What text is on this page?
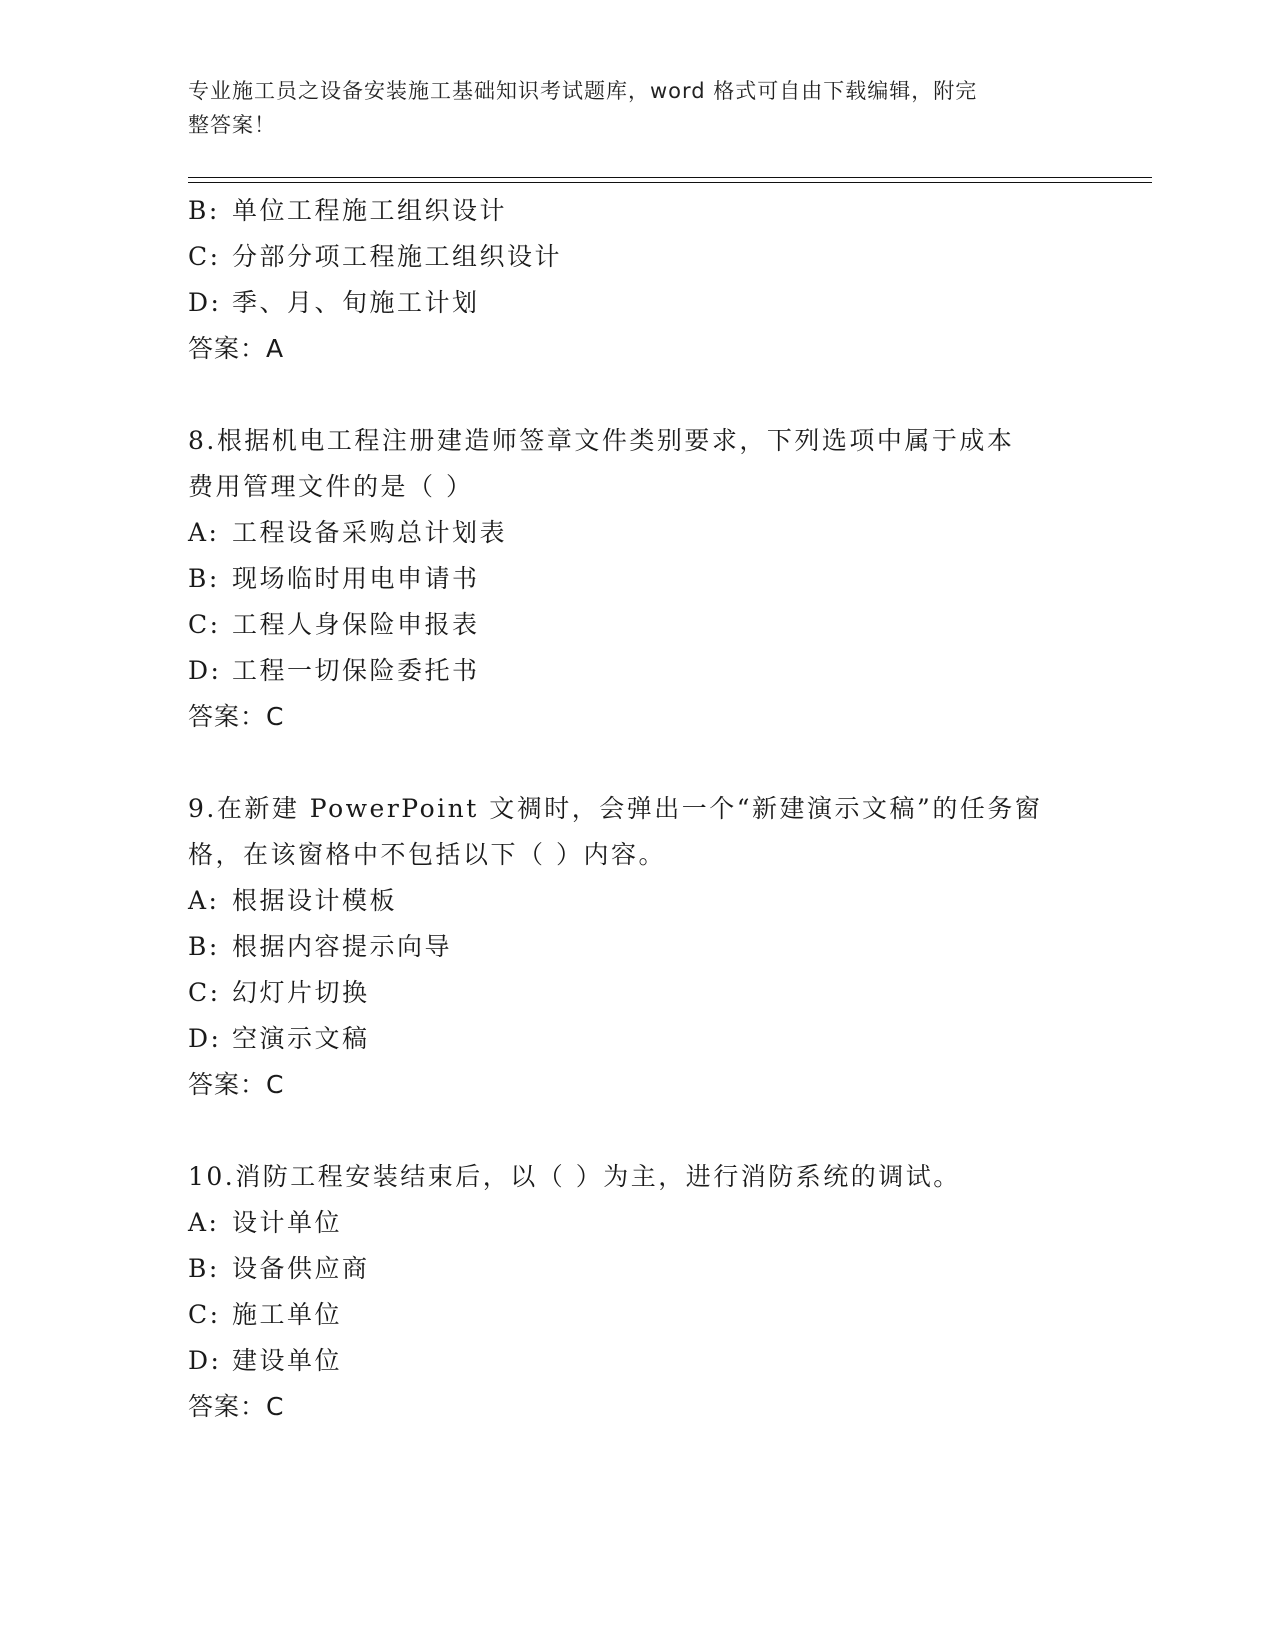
专业施工员之设备安装施工基础知识考试题库，word 格式可自由下载编辑，附完
整答案！
B: 单位工程施工组织设计
C: 分部分项工程施工组织设计
D: 季、月、旬施工计划
答案：A
8.根据机电工程注册建造师签章文件类别要求，下列选项中属于成本
费用管理文件的是（ ）
A: 工程设备采购总计划表
B: 现场临时用电申请书
C: 工程人身保险申报表
D: 工程一切保险委托书
答案：C
9.在新建 PowerPoint 文禂时，会弹出一个“新建演示文稿”的任务窗
格，在该窗格中不包括以下（ ）内容。
A: 根据设计模板
B: 根据内容提示向导
C: 幻灯片切换
D: 空演示文稿
答案：C
10.消防工程安装结束后，以（ ）为主，进行消防系统的调试。
A: 设计单位
B: 设备供应商
C: 施工单位
D: 建设单位
答案：C
